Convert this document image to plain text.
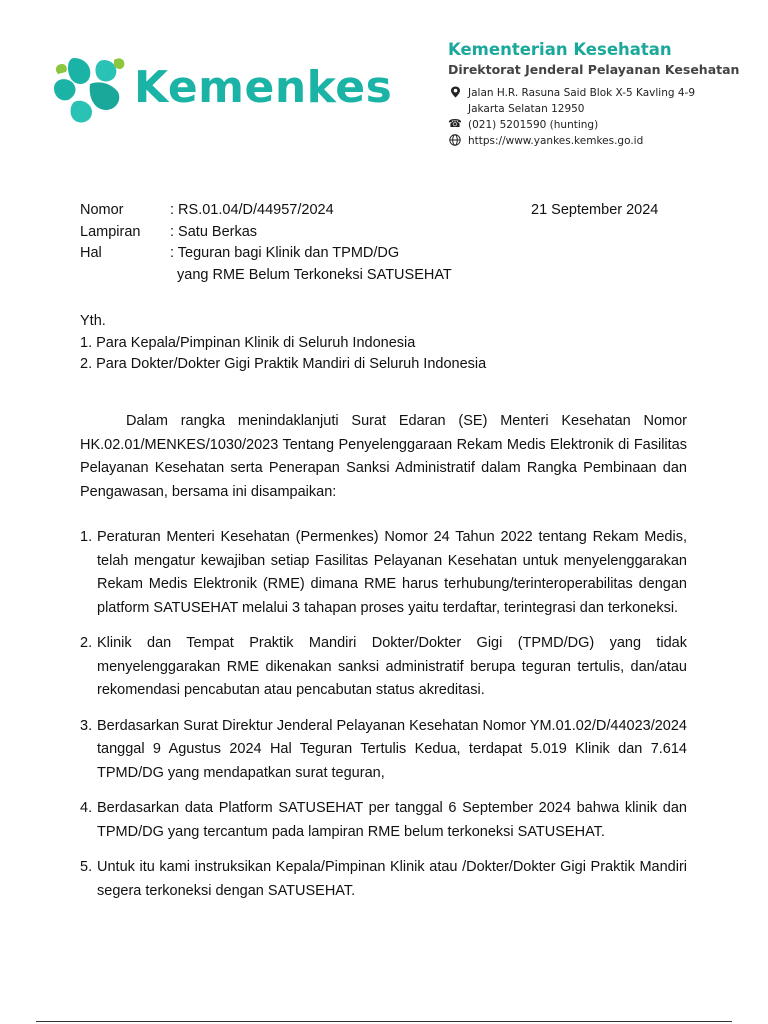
Kemenkes
Kementerian Kesehatan
Direktorat Jenderal Pelayanan Kesehatan
Jalan H.R. Rasuna Said Blok X-5 Kavling 4-9
Jakarta Selatan 12950
☎ (021) 5201590 (hunting)
https://www.yankes.kemkes.go.id
Nomor	: RS.01.04/D/44957/2024
Lampiran	: Satu Berkas
Hal	: Teguran bagi Klinik dan TPMD/DG
yang RME Belum Terkoneksi SATUSEHAT
21 September 2024
Yth.
1. Para Kepala/Pimpinan Klinik di Seluruh Indonesia
2. Para Dokter/Dokter Gigi Praktik Mandiri di Seluruh Indonesia

Dalam rangka menindaklanjuti Surat Edaran (SE) Menteri Kesehatan Nomor HK.02.01/MENKES/1030/2023 Tentang Penyelenggaraan Rekam Medis Elektronik di Fasilitas Pelayanan Kesehatan serta Penerapan Sanksi Administratif dalam Rangka Pembinaan dan Pengawasan, bersama ini disampaikan:

1. Peraturan Menteri Kesehatan (Permenkes) Nomor 24 Tahun 2022 tentang Rekam Medis, telah mengatur kewajiban setiap Fasilitas Pelayanan Kesehatan untuk menyelenggarakan Rekam Medis Elektronik (RME) dimana RME harus terhubung/terinteroperabilitas dengan platform SATUSEHAT melalui 3 tahapan proses yaitu terdaftar, terintegrasi dan terkoneksi.
2. Klinik dan Tempat Praktik Mandiri Dokter/Dokter Gigi (TPMD/DG) yang tidak menyelenggarakan RME dikenakan sanksi administratif berupa teguran tertulis, dan/atau rekomendasi pencabutan atau pencabutan status akreditasi.
3. Berdasarkan Surat Direktur Jenderal Pelayanan Kesehatan Nomor YM.01.02/D/44023/2024 tanggal 9 Agustus 2024 Hal Teguran Tertulis Kedua, terdapat 5.019 Klinik dan 7.614 TPMD/DG yang mendapatkan surat teguran,
4. Berdasarkan data Platform SATUSEHAT per tanggal 6 September 2024 bahwa klinik dan TPMD/DG yang tercantum pada lampiran RME belum terkoneksi SATUSEHAT.
5. Untuk itu kami instruksikan Kepala/Pimpinan Klinik atau /Dokter/Dokter Gigi Praktik Mandiri segera terkoneksi dengan SATUSEHAT.
